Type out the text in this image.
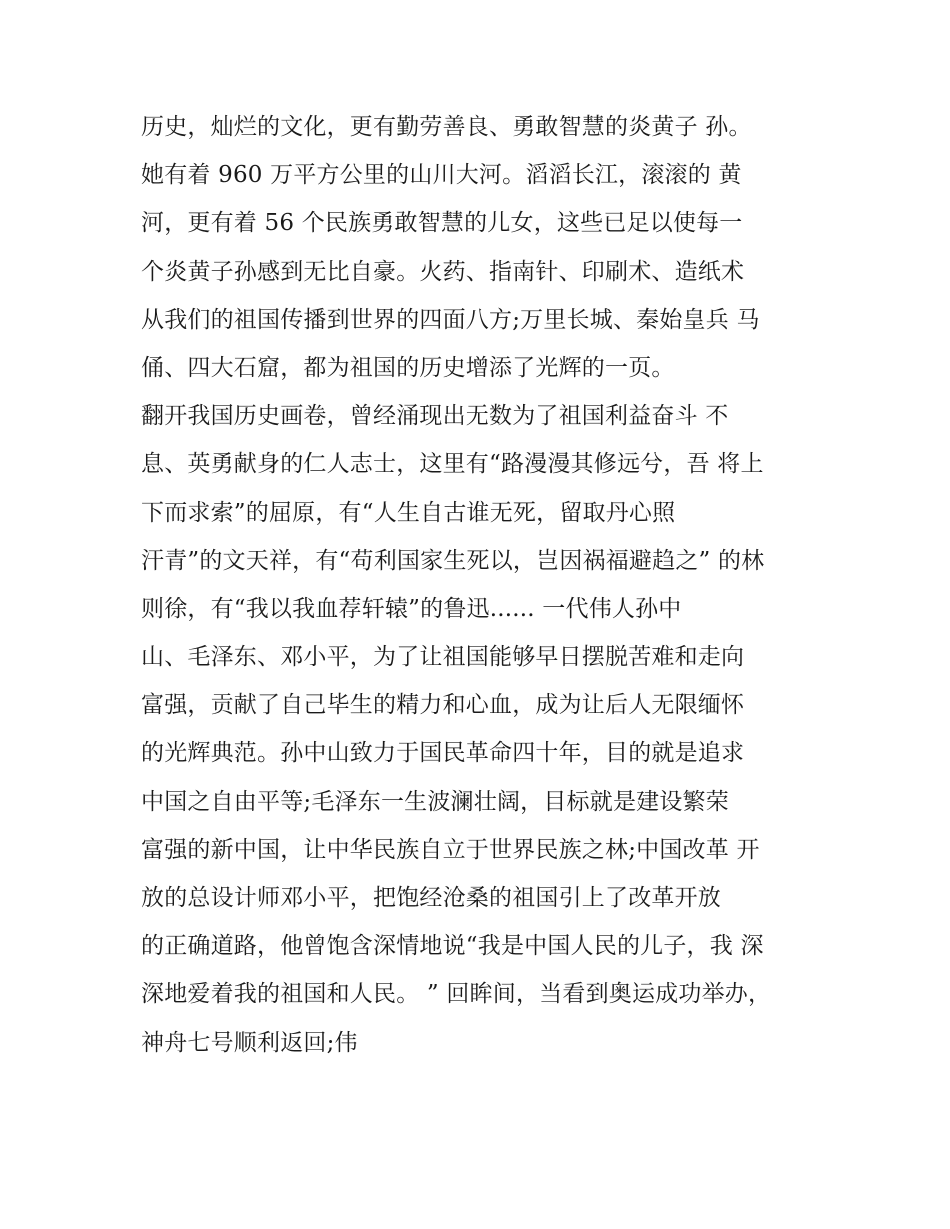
历史，灿烂的文化，更有勤劳善良、勇敢智慧的炎黄子 孙。
她有着 960 万平方公里的山川大河。滔滔长江，滚滚的 黄
河，更有着 56 个民族勇敢智慧的儿女，这些已足以使每一
个炎黄子孙感到无比自豪。火药、指南针、印刷术、造纸术
从我们的祖国传播到世界的四面八方;万里长城、秦始皇兵 马
俑、四大石窟，都为祖国的历史增添了光辉的一页。
翻开我国历史画卷，曾经涌现出无数为了祖国利益奋斗 不
息、英勇献身的仁人志士，这里有“路漫漫其修远兮，吾 将上
下而求索”的屈原，有“人生自古谁无死，留取丹心照
汗青”的文天祥，有“苟利国家生死以，岂因祸福避趋之” 的林
则徐，有“我以我血荐轩辕”的鲁迅...... 一代伟人孙中
山、毛泽东、邓小平，为了让祖国能够早日摆脱苦难和走向
富强，贡献了自己毕生的精力和心血，成为让后人无限缅怀
的光辉典范。孙中山致力于国民革命四十年，目的就是追求
中国之自由平等;毛泽东一生波澜壮阔，目标就是建设繁荣
富强的新中国，让中华民族自立于世界民族之林;中国改革 开
放的总设计师邓小平，把饱经沧桑的祖国引上了改革开放
的正确道路，他曾饱含深情地说“我是中国人民的儿子，我 深
深地爱着我的祖国和人民。 ” 回眸间，当看到奥运成功举办，
神舟七号顺利返回;伟
